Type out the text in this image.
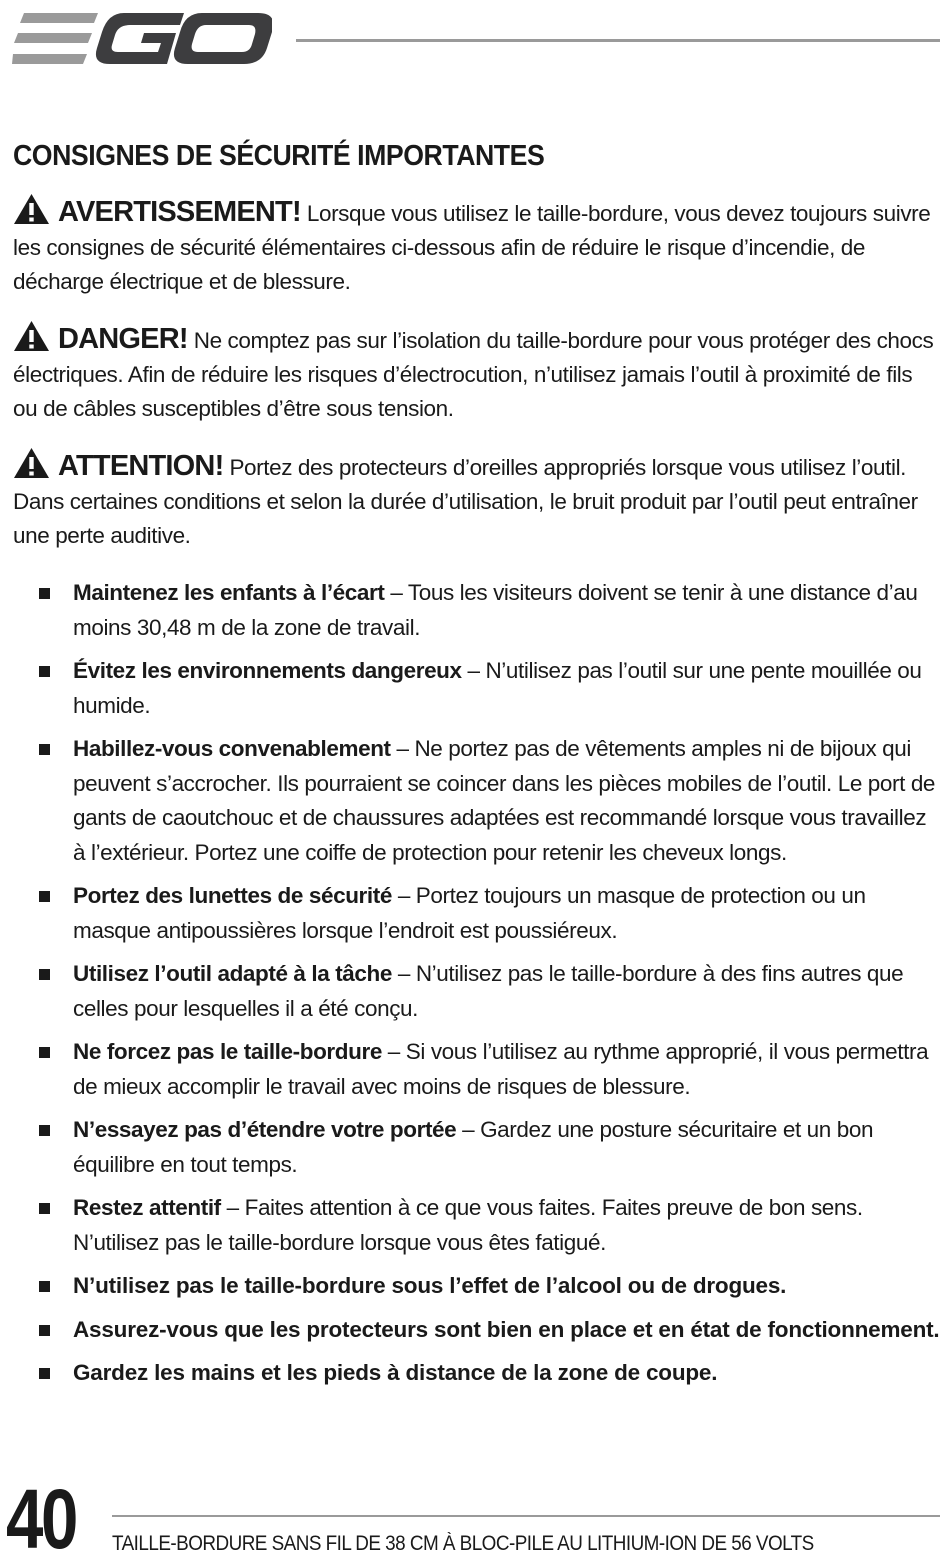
CONSIGNES DE SÉCURITÉ IMPORTANTES

AVERTISSEMENT! Lorsque vous utilisez le taille-bordure, vous devez toujours suivre les consignes de sécurité élémentaires ci-dessous afin de réduire le risque d’incendie, de décharge électrique et de blessure.

DANGER! Ne comptez pas sur l’isolation du taille-bordure pour vous protéger des chocs électriques. Afin de réduire les risques d’électrocution, n’utilisez jamais l’outil à proximité de fils ou de câbles susceptibles d’être sous tension.

ATTENTION! Portez des protecteurs d’oreilles appropriés lorsque vous utilisez l’outil. Dans certaines conditions et selon la durée d’utilisation, le bruit produit par l’outil peut entraîner une perte auditive.

Maintenez les enfants à l’écart – Tous les visiteurs doivent se tenir à une distance d’au moins 30,48 m de la zone de travail.
Évitez les environnements dangereux – N’utilisez pas l’outil sur une pente mouillée ou humide.
Habillez-vous convenablement – Ne portez pas de vêtements amples ni de bijoux qui peuvent s’accrocher. Ils pourraient se coincer dans les pièces mobiles de l’outil. Le port de gants de caoutchouc et de chaussures adaptées est recommandé lorsque vous travaillez à l’extérieur. Portez une coiffe de protection pour retenir les cheveux longs.
Portez des lunettes de sécurité – Portez toujours un masque de protection ou un masque antipoussières lorsque l’endroit est poussiéreux.
Utilisez l’outil adapté à la tâche – N’utilisez pas le taille-bordure à des fins autres que celles pour lesquelles il a été conçu.
Ne forcez pas le taille-bordure – Si vous l’utilisez au rythme approprié, il vous permettra de mieux accomplir le travail avec moins de risques de blessure.
N’essayez pas d’étendre votre portée – Gardez une posture sécuritaire et un bon équilibre en tout temps.
Restez attentif – Faites attention à ce que vous faites. Faites preuve de bon sens. N’utilisez pas le taille-bordure lorsque vous êtes fatigué.
N’utilisez pas le taille-bordure sous l’effet de l’alcool ou de drogues.
Assurez-vous que les protecteurs sont bien en place et en état de fonctionnement.
Gardez les mains et les pieds à distance de la zone de coupe.
40 TAILLE-BORDURE SANS FIL DE 38 CM À BLOC-PILE AU LITHIUM-ION DE 56 VOLTS
